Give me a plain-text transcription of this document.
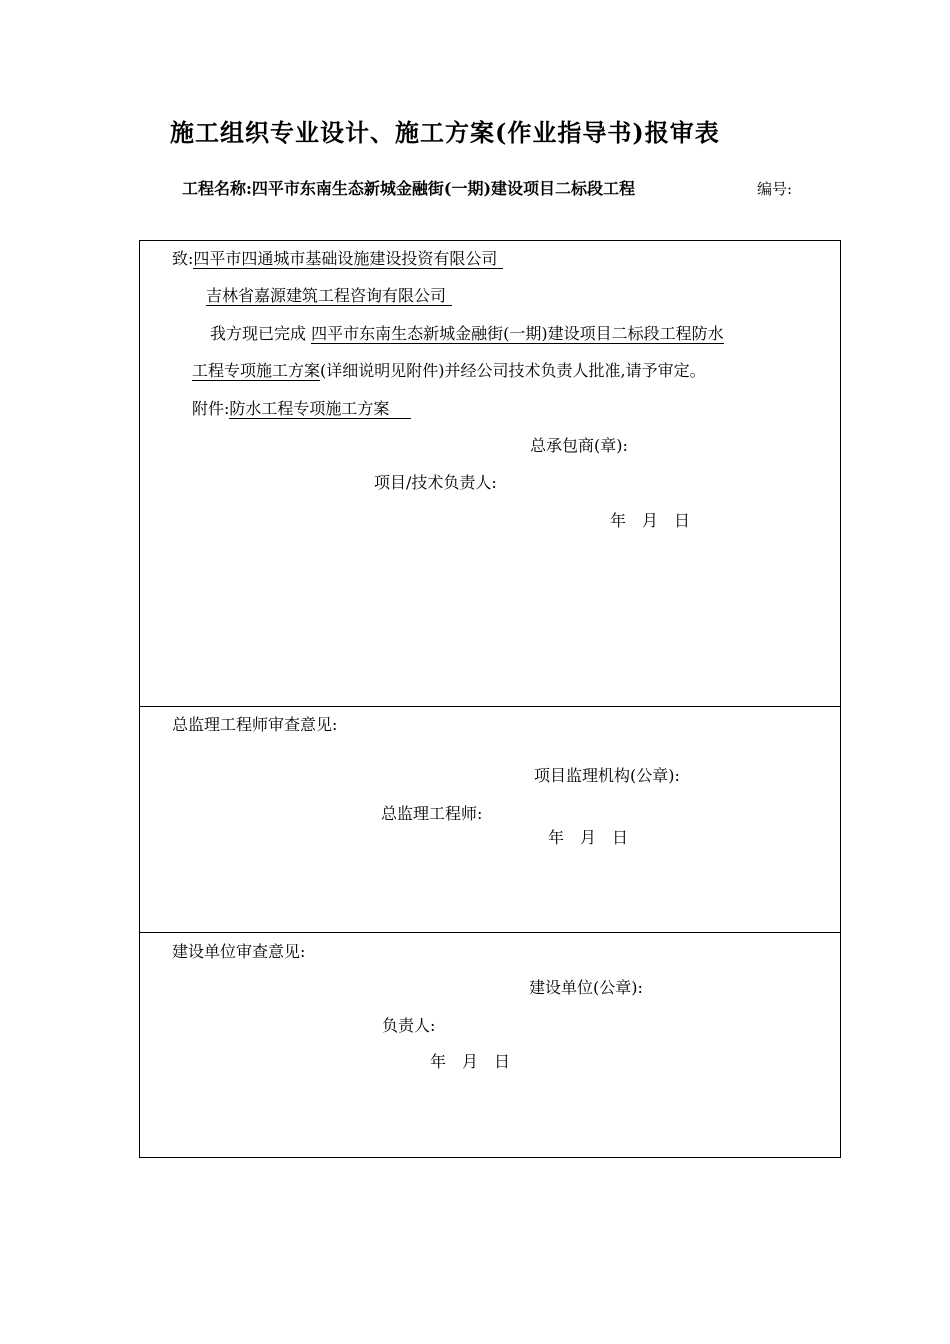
施工组织专业设计、施工方案(作业指导书)报审表
工程名称:四平市东南生态新城金融街(一期)建设项目二标段工程	编号:
致:四平市四通城市基础设施建设投资有限公司
吉林省嘉源建筑工程咨询有限公司
我方现已完成 四平市东南生态新城金融街(一期)建设项目二标段工程防水
工程专项施工方案(详细说明见附件)并经公司技术负责人批准,请予审定。
附件:防水工程专项施工方案
总承包商(章):
项目/技术负责人:
年　月　日
总监理工程师审查意见:
项目监理机构(公章):
总监理工程师:
年　月　日
建设单位审查意见:
建设单位(公章):
负责人:
年　月　日
